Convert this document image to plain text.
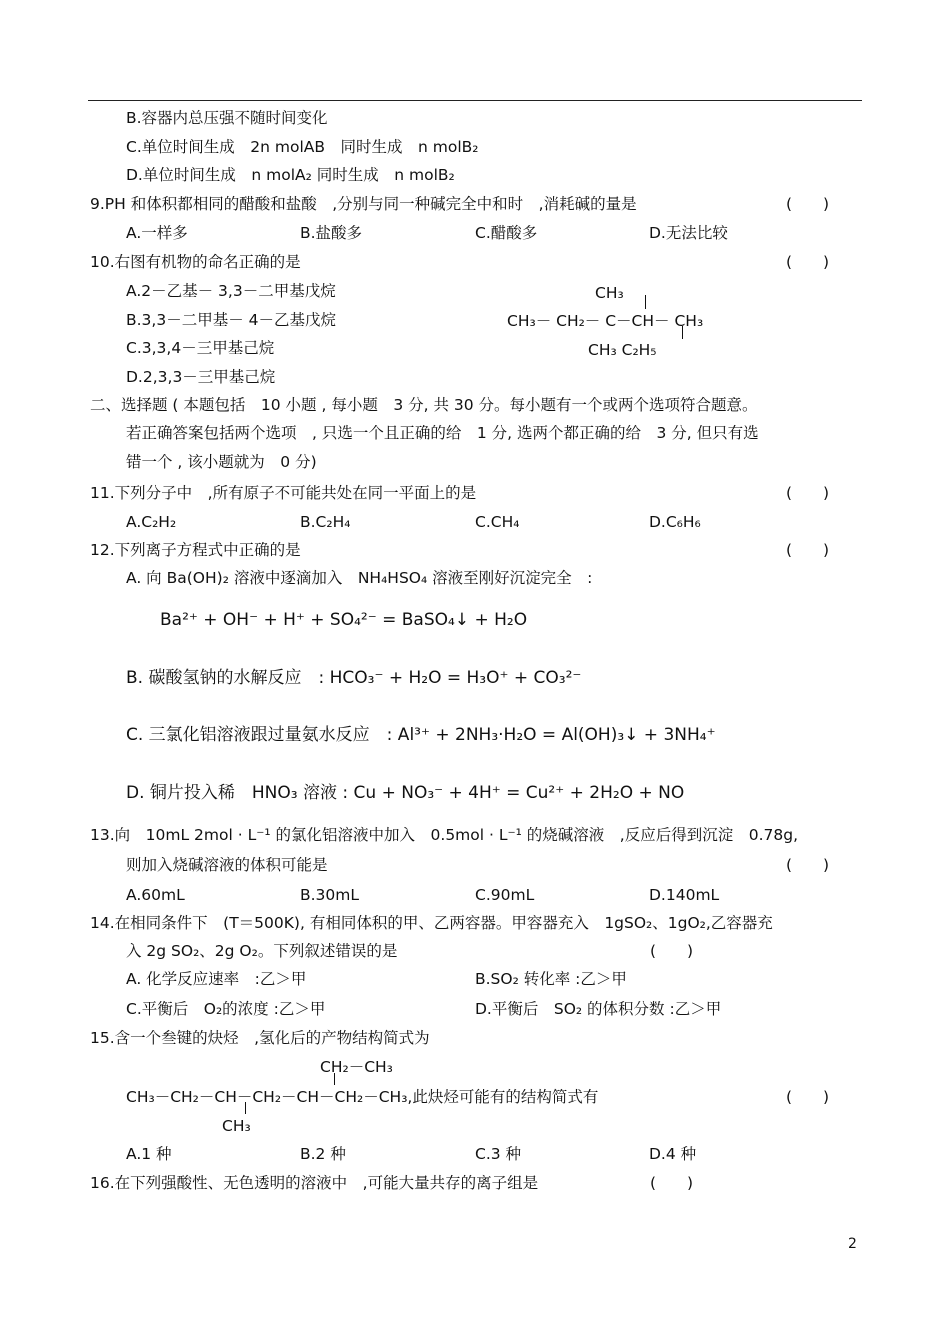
B.容器内总压强不随时间变化
C.单位时间生成　2n molAB　同时生成　n molB₂
D.单位时间生成　n molA₂ 同时生成　n molB₂
9.PH 和体积都相同的醋酸和盐酸　,分别与同一种碱完全中和时　,消耗碱的量是	(　　)
A.一样多	B.盐酸多	C.醋酸多	D.无法比较
10.右图有机物的命名正确的是	(　　)
A.2－乙基－ 3,3－二甲基戊烷
B.3,3－二甲基－ 4－乙基戊烷
C.3,3,4－三甲基己烷
D.2,3,3－三甲基己烷
CH₃
CH₃－ CH₂－ C－CH－ CH₃
CH₃ C₂H₅
二、选择题 ( 本题包括　10 小题 , 每小题　3 分, 共 30 分。每小题有一个或两个选项符合题意。
若正确答案包括两个选项　, 只选一个且正确的给　1 分, 选两个都正确的给　3 分, 但只有选
错一个 , 该小题就为　0 分)
11.下列分子中　,所有原子不可能共处在同一平面上的是	(　　)
A.C₂H₂	B.C₂H₄	C.CH₄	D.C₆H₆
12.下列离子方程式中正确的是	(　　)
A. 向 Ba(OH)₂ 溶液中逐滴加入　NH₄HSO₄ 溶液至刚好沉淀完全　:
Ba²⁺ + OH⁻ + H⁺ + SO₄²⁻ = BaSO₄↓ + H₂O
B. 碳酸氢钠的水解反应　: HCO₃⁻ + H₂O = H₃O⁺ + CO₃²⁻
C. 三氯化铝溶液跟过量氨水反应　: Al³⁺ + 2NH₃·H₂O = Al(OH)₃↓ + 3NH₄⁺
D. 铜片投入稀　HNO₃ 溶液 : Cu + NO₃⁻ + 4H⁺ = Cu²⁺ + 2H₂O + NO
13.向　10mL 2mol · L⁻¹ 的氯化铝溶液中加入　0.5mol · L⁻¹ 的烧碱溶液　,反应后得到沉淀　0.78g,
则加入烧碱溶液的体积可能是	(　　)
A.60mL	B.30mL	C.90mL	D.140mL
14.在相同条件下　(T＝500K), 有相同体积的甲、乙两容器。甲容器充入　1gSO₂、1gO₂,乙容器充
入 2g SO₂、2g O₂。下列叙述错误的是	(　　)
A. 化学反应速率　:乙＞甲	B.SO₂ 转化率 :乙＞甲
C.平衡后　O₂的浓度 :乙＞甲	D.平衡后　SO₂ 的体积分数 :乙＞甲
15.含一个叁键的炔烃　,氢化后的产物结构简式为
CH₂－CH₃
CH₃－CH₂－CH－CH₂－CH－CH₂－CH₃,此炔烃可能有的结构简式有	(　　)
CH₃
A.1 种	B.2 种	C.3 种	D.4 种
16.在下列强酸性、无色透明的溶液中　,可能大量共存的离子组是	(　　)
2
